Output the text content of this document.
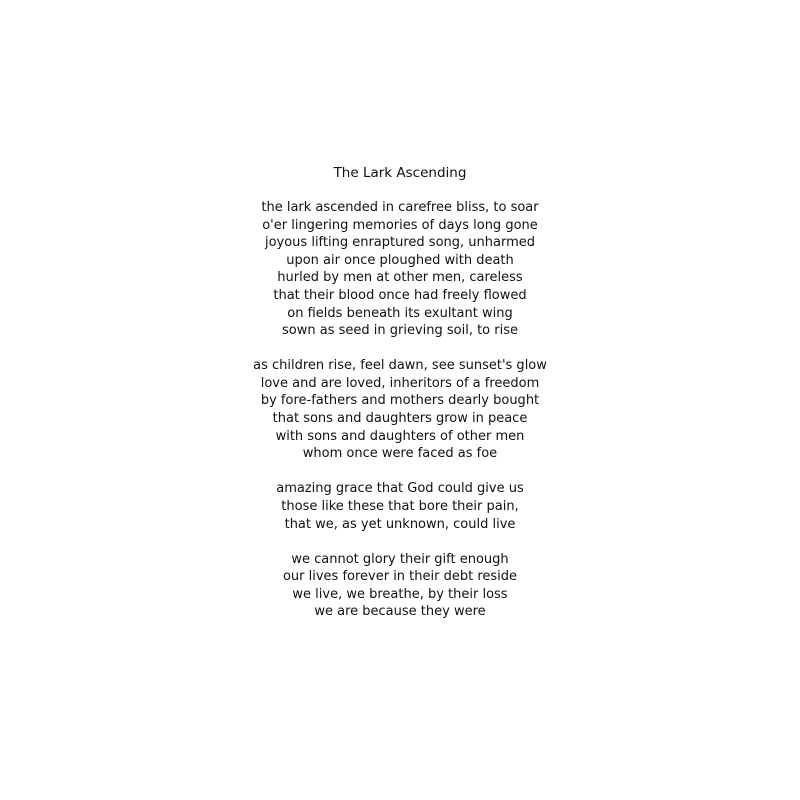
The Lark Ascending
the lark ascended in carefree bliss, to soar
o'er lingering memories of days long gone
joyous lifting enraptured song, unharmed
upon air once ploughed with death
hurled by men at other men, careless
that their blood once had freely flowed
on fields beneath its exultant wing
sown as seed in grieving soil, to rise
as children rise, feel dawn, see sunset's glow
love and are loved, inheritors of a freedom
by fore-fathers and mothers dearly bought
that sons and daughters grow in peace
with sons and daughters of other men
whom once were faced as foe
amazing grace that God could give us
those like these that bore their pain,
that we, as yet unknown, could live
we cannot glory their gift enough
our lives forever in their debt reside
we live, we breathe, by their loss
we are because they were
